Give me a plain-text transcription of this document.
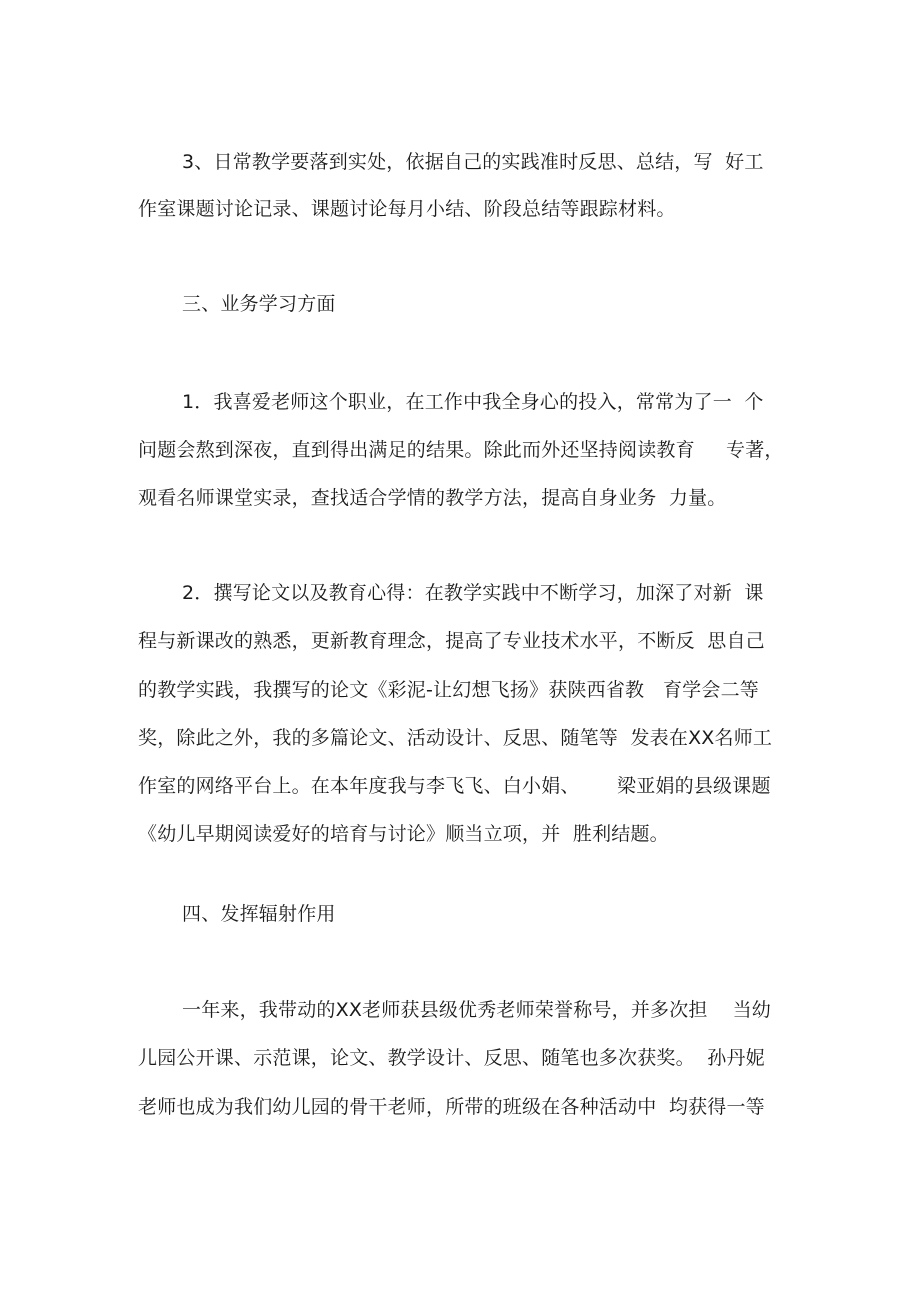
3、日常教学要落到实处，依据自己的实践准时反思、总结，写  好工
作室课题讨论记录、课题讨论每月小结、阶段总结等跟踪材料。
三、业务学习方面
1．我喜爱老师这个职业，在工作中我全身心的投入，常常为了一  个
问题会熬到深夜，直到得出满足的结果。除此而外还坚持阅读教育     专著，
观看名师课堂实录，查找适合学情的教学方法，提高自身业务  力量。
2．撰写论文以及教育心得：在教学实践中不断学习，加深了对新  课
程与新课改的熟悉，更新教育理念，提高了专业技术水平，不断反  思自己
的教学实践，我撰写的论文《彩泥-让幻想飞扬》获陕西省教   育学会二等
奖，除此之外，我的多篇论文、活动设计、反思、随笔等  发表在XX名师工
作室的网络平台上。在本年度我与李飞飞、白小娟、      梁亚娟的县级课题
《幼儿早期阅读爱好的培育与讨论》顺当立项，并  胜利结题。
四、发挥辐射作用
一年来，我带动的XX老师获县级优秀老师荣誉称号，并多次担    当幼
儿园公开课、示范课，论文、教学设计、反思、随笔也多次获奖。  孙丹妮
老师也成为我们幼儿园的骨干老师，所带的班级在各种活动中  均获得一等
